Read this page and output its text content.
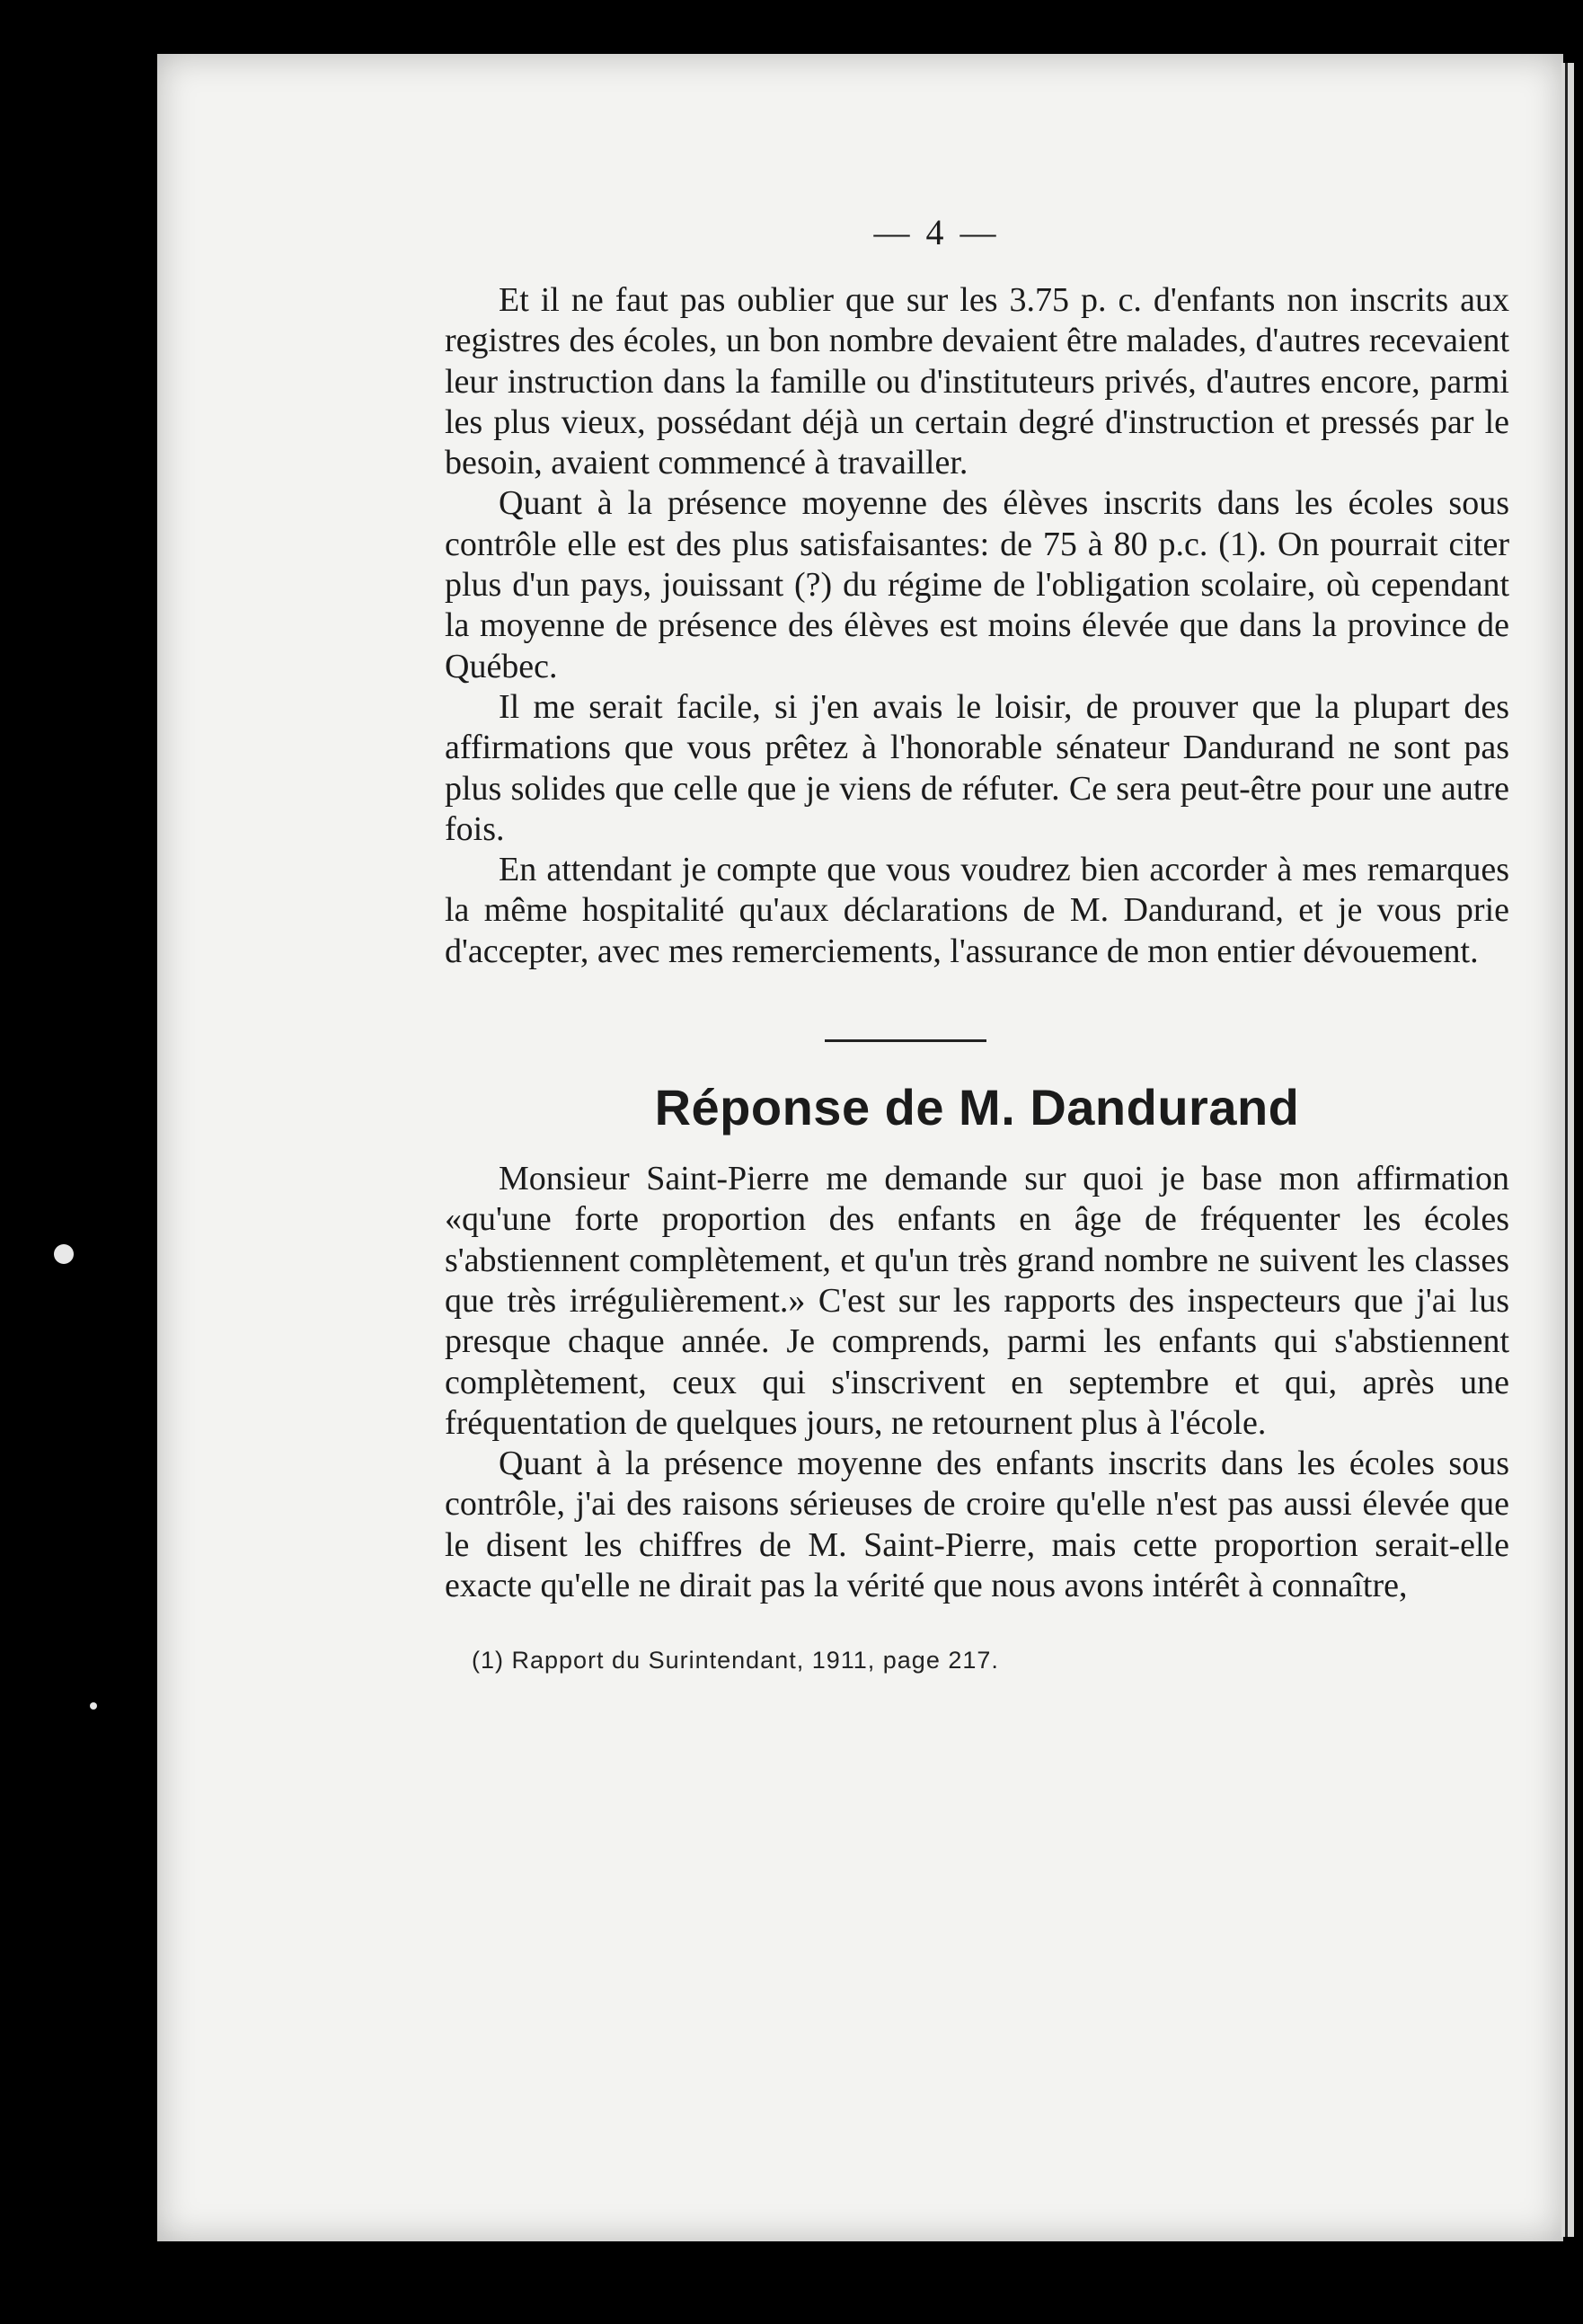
— 4 —

Et il ne faut pas oublier que sur les 3.75 p. c. d'enfants non inscrits aux registres des écoles, un bon nombre devaient être malades, d'autres recevaient leur instruction dans la famille ou d'instituteurs privés, d'autres encore, parmi les plus vieux, possédant déjà un certain degré d'instruction et pressés par le besoin, avaient commencé à travailler.

Quant à la présence moyenne des élèves inscrits dans les écoles sous contrôle elle est des plus satisfaisantes: de 75 à 80 p.c. (1). On pourrait citer plus d'un pays, jouissant (?) du régime de l'obligation scolaire, où cependant la moyenne de présence des élèves est moins élevée que dans la province de Québec.

Il me serait facile, si j'en avais le loisir, de prouver que la plupart des affirmations que vous prêtez à l'honorable sénateur Dandurand ne sont pas plus solides que celle que je viens de réfuter. Ce sera peut-être pour une autre fois.

En attendant je compte que vous voudrez bien accorder à mes remarques la même hospitalité qu'aux déclarations de M. Dandurand, et je vous prie d'accepter, avec mes remerciements, l'assurance de mon entier dévouement.

Réponse de M. Dandurand

Monsieur Saint-Pierre me demande sur quoi je base mon affirmation «qu'une forte proportion des enfants en âge de fréquenter les écoles s'abstiennent complètement, et qu'un très grand nombre ne suivent les classes que très irrégulièrement.» C'est sur les rapports des inspecteurs que j'ai lus presque chaque année. Je comprends, parmi les enfants qui s'abstiennent complètement, ceux qui s'inscrivent en septembre et qui, après une fréquentation de quelques jours, ne retournent plus à l'école.

Quant à la présence moyenne des enfants inscrits dans les écoles sous contrôle, j'ai des raisons sérieuses de croire qu'elle n'est pas aussi élevée que le disent les chiffres de M. Saint-Pierre, mais cette proportion serait-elle exacte qu'elle ne dirait pas la vérité que nous avons intérêt à connaître,

(1) Rapport du Surintendant, 1911, page 217.
